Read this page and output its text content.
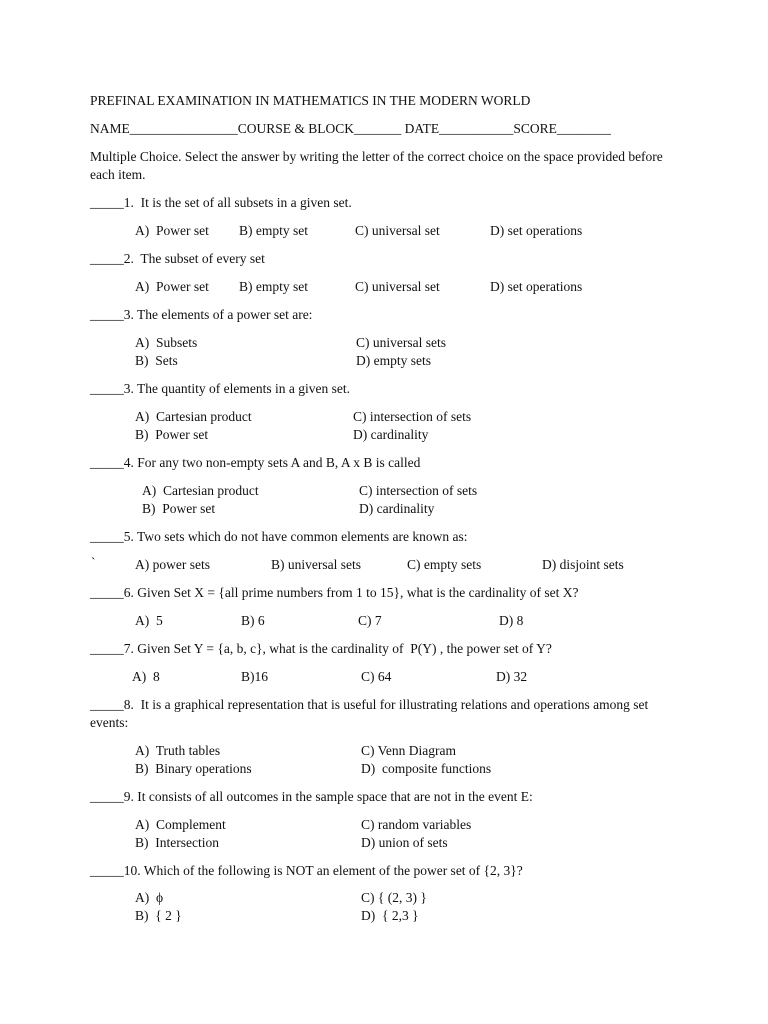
PREFINAL EXAMINATION IN MATHEMATICS IN THE MODERN WORLD
NAME________________COURSE & BLOCK_______ DATE___________SCORE________
Multiple Choice. Select the answer by writing the letter of the correct choice on the space provided before
each item.
_____1. It is the set of all subsets in a given set.
A)  Power set B) empty set	C) universal set	D) set operations
_____2. The subset of every set
A)  Power set B) empty set	C) universal set	D) set operations
_____3. The elements of a power set are:
A)  Subsets	C) universal sets
B)  Sets	D) empty sets
_____3. The quantity of elements in a given set.
A)  Cartesian product	C) intersection of sets
B)  Power set	D) cardinality
_____4. For any two non-empty sets A and B, A x B is called
A)  Cartesian product	C) intersection of sets
B)  Power set	D) cardinality
_____5. Two sets which do not have common elements are known as:
`	A) power sets	B) universal sets	C) empty sets	D) disjoint sets
_____6. Given Set X = {all prime numbers from 1 to 15}, what is the cardinality of set X?
A)  5	B) 6	C) 7	D) 8
_____7. Given Set Y = {a, b, c}, what is the cardinality of  P(Y) , the power set of Y?
A)  8	B)16	C) 64	D) 32
_____8. It is a graphical representation that is useful for illustrating relations and operations among set
events:
A)  Truth tables	C) Venn Diagram
B)  Binary operations	D)  composite functions
_____9. It consists of all outcomes in the sample space that are not in the event E:
A)  Complement	C) random variables
B)  Intersection	D) union of sets
_____10. Which of the following is NOT an element of the power set of {2, 3}?
A)  ϕ	C) { (2, 3) }
B)  { 2 }	D)  { 2,3 }
